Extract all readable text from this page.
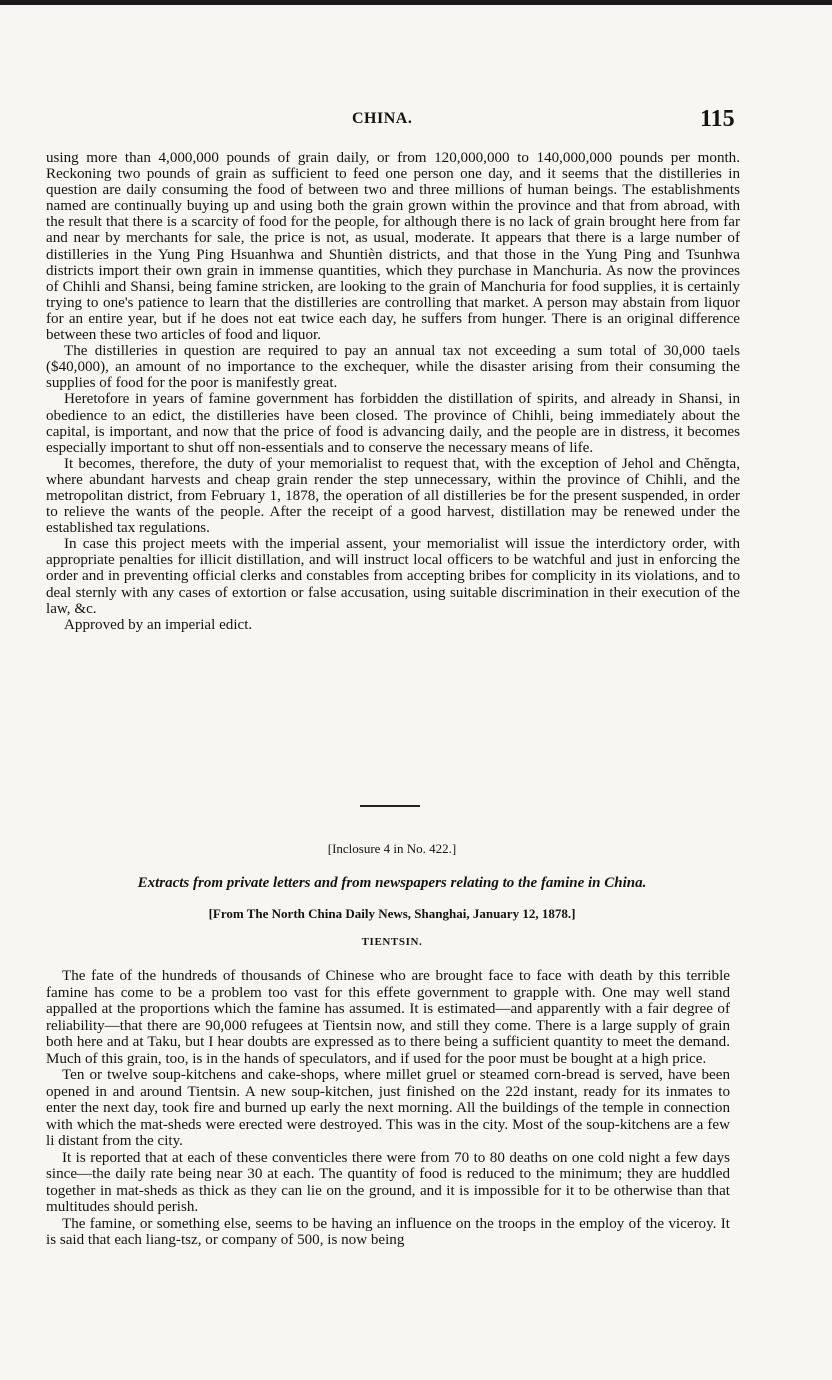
CHINA.	115

using more than 4,000,000 pounds of grain daily, or from 120,000,000 to 140,000,000 pounds per month. Reckoning two pounds of grain as sufficient to feed one person one day, and it seems that the distilleries in question are daily consuming the food of between two and three millions of human beings. The establishments named are continually buying up and using both the grain grown within the province and that from abroad, with the result that there is a scarcity of food for the people, for although there is no lack of grain brought here from far and near by merchants for sale, the price is not, as usual, moderate. It appears that there is a large number of distilleries in the Yung Ping Hsuanhwa and Shuntièn districts, and that those in the Yung Ping and Tsunhwa districts import their own grain in immense quantities, which they purchase in Manchuria. As now the provinces of Chihli and Shansi, being famine stricken, are looking to the grain of Manchuria for food supplies, it is certainly trying to one's patience to learn that the distilleries are controlling that market. A person may abstain from liquor for an entire year, but if he does not eat twice each day, he suffers from hunger. There is an original difference between these two articles of food and liquor.

The distilleries in question are required to pay an annual tax not exceeding a sum total of 30,000 taels ($40,000), an amount of no importance to the exchequer, while the disaster arising from their consuming the supplies of food for the poor is manifestly great.

Heretofore in years of famine government has forbidden the distillation of spirits, and already in Shansi, in obedience to an edict, the distilleries have been closed. The province of Chihli, being immediately about the capital, is important, and now that the price of food is advancing daily, and the people are in distress, it becomes especially important to shut off non-essentials and to conserve the necessary means of life.

It becomes, therefore, the duty of your memorialist to request that, with the exception of Jehol and Chĕngta, where abundant harvests and cheap grain render the step unnecessary, within the province of Chihli, and the metropolitan district, from February 1, 1878, the operation of all distilleries be for the present suspended, in order to relieve the wants of the people. After the receipt of a good harvest, distillation may be renewed under the established tax regulations.

In case this project meets with the imperial assent, your memorialist will issue the interdictory order, with appropriate penalties for illicit distillation, and will instruct local officers to be watchful and just in enforcing the order and in preventing official clerks and constables from accepting bribes for complicity in its violations, and to deal sternly with any cases of extortion or false accusation, using suitable discrimination in their execution of the law, &c.

Approved by an imperial edict.

[Inclosure 4 in No. 422.]
Extracts from private letters and from newspapers relating to the famine in China.
[From The North China Daily News, Shanghai, January 12, 1878.]
TIENTSIN.

The fate of the hundreds of thousands of Chinese who are brought face to face with death by this terrible famine has come to be a problem too vast for this effete government to grapple with. One may well stand appalled at the proportions which the famine has assumed. It is estimated—and apparently with a fair degree of reliability—that there are 90,000 refugees at Tientsin now, and still they come. There is a large supply of grain both here and at Taku, but I hear doubts are expressed as to there being a sufficient quantity to meet the demand. Much of this grain, too, is in the hands of speculators, and if used for the poor must be bought at a high price.

Ten or twelve soup-kitchens and cake-shops, where millet gruel or steamed corn-bread is served, have been opened in and around Tientsin. A new soup-kitchen, just finished on the 22d instant, ready for its inmates to enter the next day, took fire and burned up early the next morning. All the buildings of the temple in connection with which the mat-sheds were erected were destroyed. This was in the city. Most of the soup-kitchens are a few li distant from the city.

It is reported that at each of these conventicles there were from 70 to 80 deaths on one cold night a few days since—the daily rate being near 30 at each. The quantity of food is reduced to the minimum; they are huddled together in mat-sheds as thick as they can lie on the ground, and it is impossible for it to be otherwise than that multitudes should perish.

The famine, or something else, seems to be having an influence on the troops in the employ of the viceroy. It is said that each liang-tsz, or company of 500, is now being
